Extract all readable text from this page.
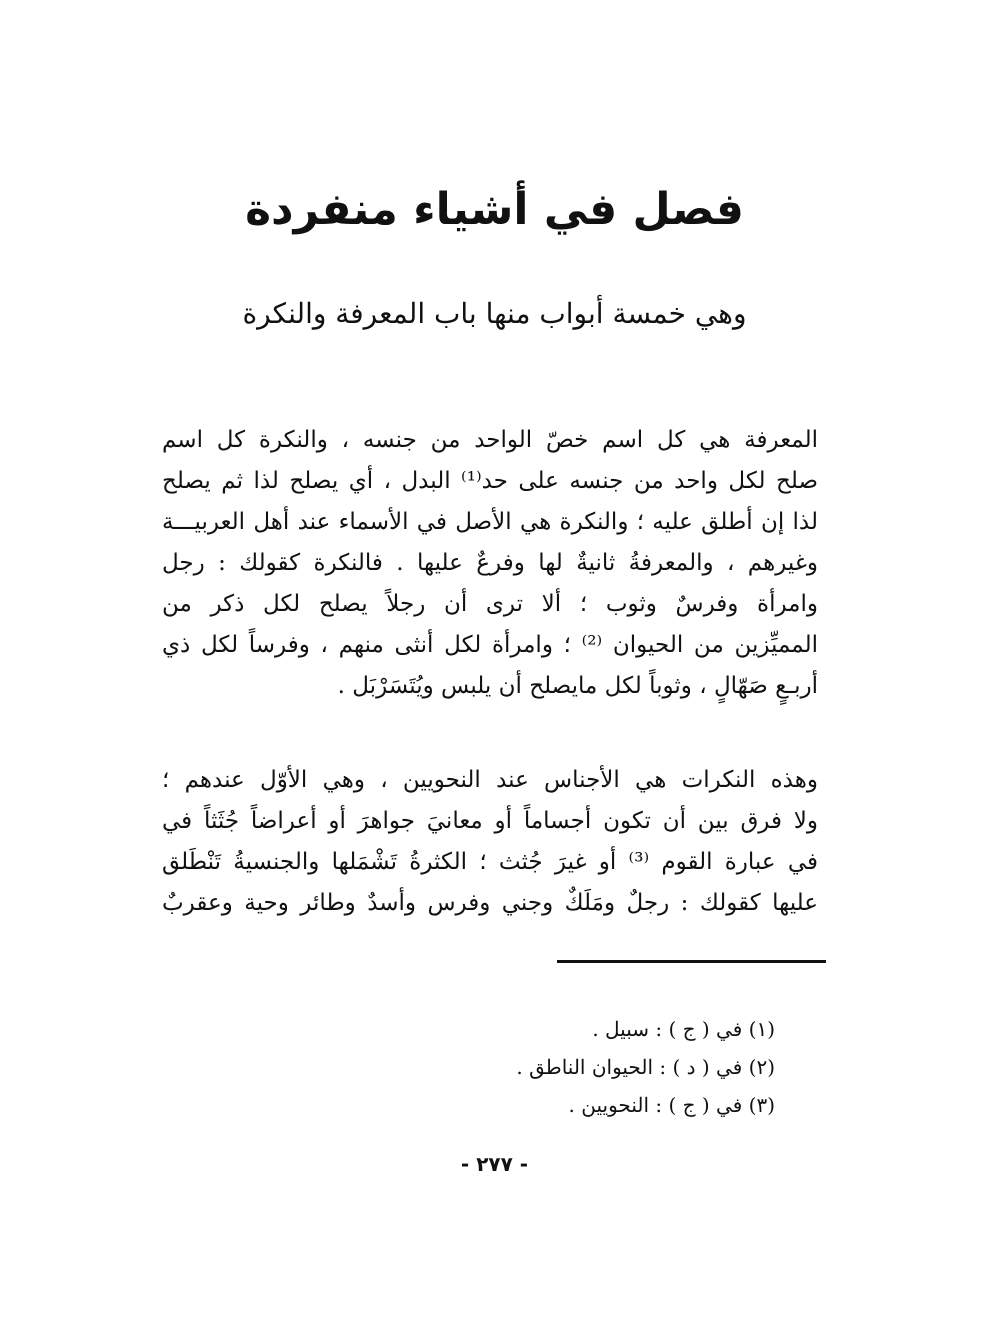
فصل في أشياء منفردة
وهي خمسة أبواب منها باب المعرفة والنكرة
المعرفة هي كل اسم خصّ الواحد من جنسه ، والنكرة كل اسم
صلح لكل واحد من جنسه على حد⁽¹⁾ البدل ، أي يصلح لذا ثم يصلح
لذا إن أطلق عليه ؛ والنكرة هي الأصل في الأسماء عند أهل العربيـــة
وغيرهم ، والمعرفةُ ثانيةٌ لها وفرعٌ عليها . فالنكرة كقولك : رجل
وامرأة وفرسٌ وثوب ؛ ألا ترى أن رجلاً يصلح لكل ذكر من
المميِّزين من الحيوان ⁽²⁾ ؛ وامرأة لكل أنثى منهم ، وفرساً لكل ذي
أربـعٍ صَهّالٍ ، وثوباً لكل مايصلح أن يلبس ويُتَسَرْبَل .
وهذه النكرات هي الأجناس عند النحويين ، وهي الأوّل عندهم ؛
ولا فرق بين أن تكون أجساماً أو معانيَ جواهرَ أو أعراضاً جُثَثاً في
في عبارة القوم ⁽³⁾ أو غيرَ جُثث ؛ الكثرةُ تَشْمَلها والجنسيةُ تَنْطَلق
عليها كقولك : رجلٌ ومَلَكٌ وجني وفرس وأسدٌ وطائر وحية وعقربٌ
(١) في ( ج ) : سبيل .
(٢) في ( د ) : الحيوان الناطق .
(٣) في ( ج ) : النحويين .
- ٢٧٧ -
